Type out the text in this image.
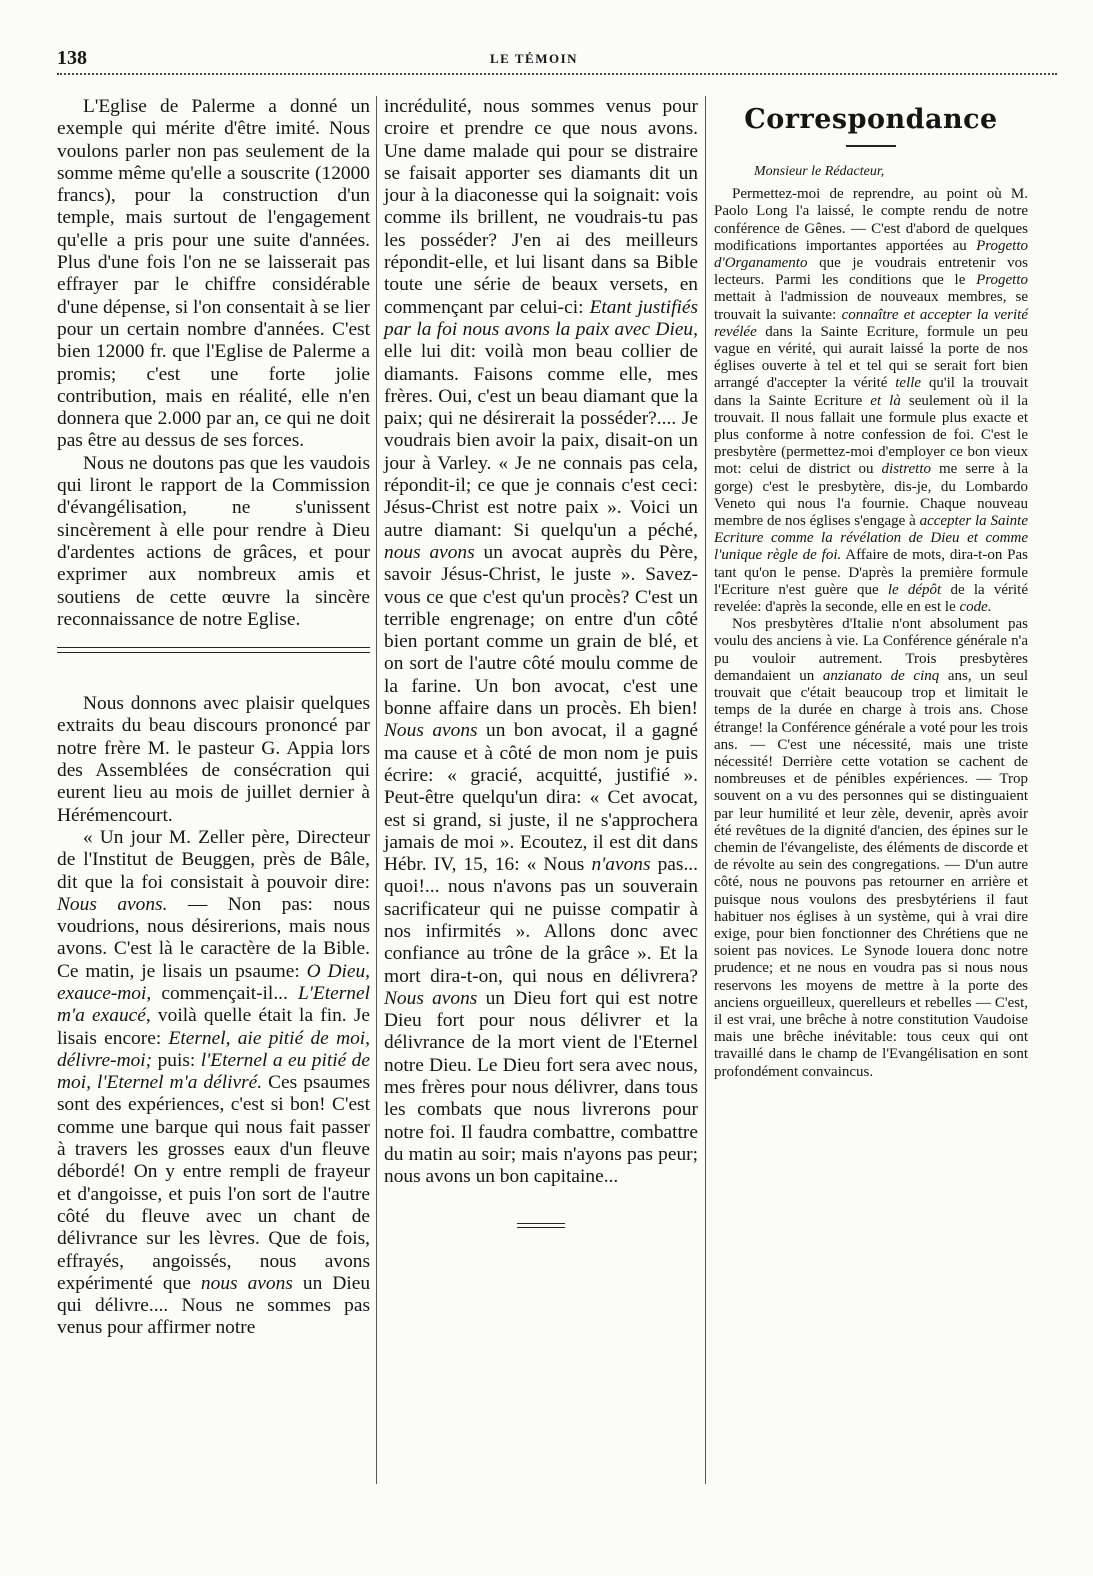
138	LE TÉMOIN

L'Eglise de Palerme a donné un exemple qui mérite d'être imité. Nous voulons parler non pas seulement de la somme même qu'elle a souscrite (12000 francs), pour la construction d'un temple, mais surtout de l'engagement qu'elle a pris pour une suite d'années. Plus d'une fois l'on ne se laisserait pas effrayer par le chiffre considérable d'une dépense, si l'on consentait à se lier pour un certain nombre d'années. C'est bien 12000 fr. que l'Eglise de Palerme a promis; c'est une forte jolie contribution, mais en réalité, elle n'en donnera que 2.000 par an, ce qui ne doit pas être au dessus de ses forces.

Nous ne doutons pas que les vaudois qui liront le rapport de la Commission d'évangélisation, ne s'unissent sincèrement à elle pour rendre à Dieu d'ardentes actions de grâces, et pour exprimer aux nombreux amis et soutiens de cette œuvre la sincère reconnaissance de notre Eglise.

Nous donnons avec plaisir quelques extraits du beau discours prononcé par notre frère M. le pasteur G. Appia lors des Assemblées de consécration qui eurent lieu au mois de juillet dernier à Hérémencourt.

« Un jour M. Zeller père, Directeur de l'Institut de Beuggen, près de Bâle, dit que la foi consistait à pouvoir dire: Nous avons. — Non pas: nous voudrions, nous désirerions, mais nous avons. C'est là le caractère de la Bible. Ce matin, je lisais un psaume: O Dieu, exauce-moi, commençait-il... L'Eternel m'a exaucé, voilà quelle était la fin. Je lisais encore: Eternel, aie pitié de moi, délivre-moi; puis: l'Eternel a eu pitié de moi, l'Eternel m'a délivré. Ces psaumes sont des expériences, c'est si bon! C'est comme une barque qui nous fait passer à travers les grosses eaux d'un fleuve débordé! On y entre rempli de frayeur et d'angoisse, et puis l'on sort de l'autre côté du fleuve avec un chant de délivrance sur les lèvres. Que de fois, effrayés, angoissés, nous avons expérimenté que nous avons un Dieu qui délivre.... Nous ne sommes pas venus pour affirmer notre

incrédulité, nous sommes venus pour croire et prendre ce que nous avons. Une dame malade qui pour se distraire se faisait apporter ses diamants dit un jour à la diaconesse qui la soignait: vois comme ils brillent, ne voudrais-tu pas les posséder? J'en ai des meilleurs répondit-elle, et lui lisant dans sa Bible toute une série de beaux versets, en commençant par celui-ci: Etant justifiés par la foi nous avons la paix avec Dieu, elle lui dit: voilà mon beau collier de diamants. Faisons comme elle, mes frères. Oui, c'est un beau diamant que la paix; qui ne désirerait la posséder?.... Je voudrais bien avoir la paix, disait-on un jour à Varley. « Je ne connais pas cela, répondit-il; ce que je connais c'est ceci: Jésus-Christ est notre paix ». Voici un autre diamant: Si quelqu'un a péché, nous avons un avocat auprès du Père, savoir Jésus-Christ, le juste ». Savez-vous ce que c'est qu'un procès? C'est un terrible engrenage; on entre d'un côté bien portant comme un grain de blé, et on sort de l'autre côté moulu comme de la farine. Un bon avocat, c'est une bonne affaire dans un procès. Eh bien! Nous avons un bon avocat, il a gagné ma cause et à côté de mon nom je puis écrire: « gracié, acquitté, justifié ». Peut-être quelqu'un dira: « Cet avocat, est si grand, si juste, il ne s'approchera jamais de moi ». Ecoutez, il est dit dans Hébr. IV, 15, 16: « Nous n'avons pas... quoi!... nous n'avons pas un souverain sacrificateur qui ne puisse compatir à nos infirmités ». Allons donc avec confiance au trône de la grâce ». Et la mort dira-t-on, qui nous en délivrera? Nous avons un Dieu fort qui est notre Dieu fort pour nous délivrer et la délivrance de la mort vient de l'Eternel notre Dieu. Le Dieu fort sera avec nous, mes frères pour nous délivrer, dans tous les combats que nous livrerons pour notre foi. Il faudra combattre, combattre du matin au soir; mais n'ayons pas peur; nous avons un bon capitaine...

Correspondance

Monsieur le Rédacteur,

Permettez-moi de reprendre, au point où M. Paolo Long l'a laissé, le compte rendu de notre conférence de Gênes. — C'est d'abord de quelques modifications importantes apportées au Progetto d'Organamento que je voudrais entretenir vos lecteurs. Parmi les conditions que le Progetto mettait à l'admission de nouveaux membres, se trouvait la suivante: connaître et accepter la verité revélée dans la Sainte Ecriture, formule un peu vague en vérité, qui aurait laissé la porte de nos églises ouverte à tel et tel qui se serait fort bien arrangé d'accepter la vérité telle qu'il la trouvait dans la Sainte Ecriture et là seulement où il la trouvait. Il nous fallait une formule plus exacte et plus conforme à notre confession de foi. C'est le presbytère (permettez-moi d'employer ce bon vieux mot: celui de district ou distretto me serre à la gorge) c'est le presbytère, dis-je, du Lombardo Veneto qui nous l'a fournie. Chaque nouveau membre de nos églises s'engage à accepter la Sainte Ecriture comme la révélation de Dieu et comme l'unique règle de foi. Affaire de mots, dira-t-on Pas tant qu'on le pense. D'après la première formule l'Ecriture n'est guère que le dépôt de la vérité revelée: d'après la seconde, elle en est le code.

Nos presbytères d'Italie n'ont absolument pas voulu des anciens à vie. La Conférence générale n'a pu vouloir autrement. Trois presbytères demandaient un anzianato de cinq ans, un seul trouvait que c'était beaucoup trop et limitait le temps de la durée en charge à trois ans. Chose étrange! la Conférence générale a voté pour les trois ans. — C'est une nécessité, mais une triste nécessité! Derrière cette votation se cachent de nombreuses et de pénibles expériences. — Trop souvent on a vu des personnes qui se distinguaient par leur humilité et leur zèle, devenir, après avoir été revêtues de la dignité d'ancien, des épines sur le chemin de l'évangeliste, des éléments de discorde et de révolte au sein des congregations. — D'un autre côté, nous ne pouvons pas retourner en arrière et puisque nous voulons des presbytériens il faut habituer nos églises à un système, qui à vrai dire exige, pour bien fonctionner des Chrétiens que ne soient pas novices. Le Synode louera donc notre prudence; et ne nous en voudra pas si nous nous reservons les moyens de mettre à la porte des anciens orgueilleux, querelleurs et rebelles — C'est, il est vrai, une brêche à notre constitution Vaudoise mais une brêche inévitable: tous ceux qui ont travaillé dans le champ de l'Evangélisation en sont profondément convaincus.
